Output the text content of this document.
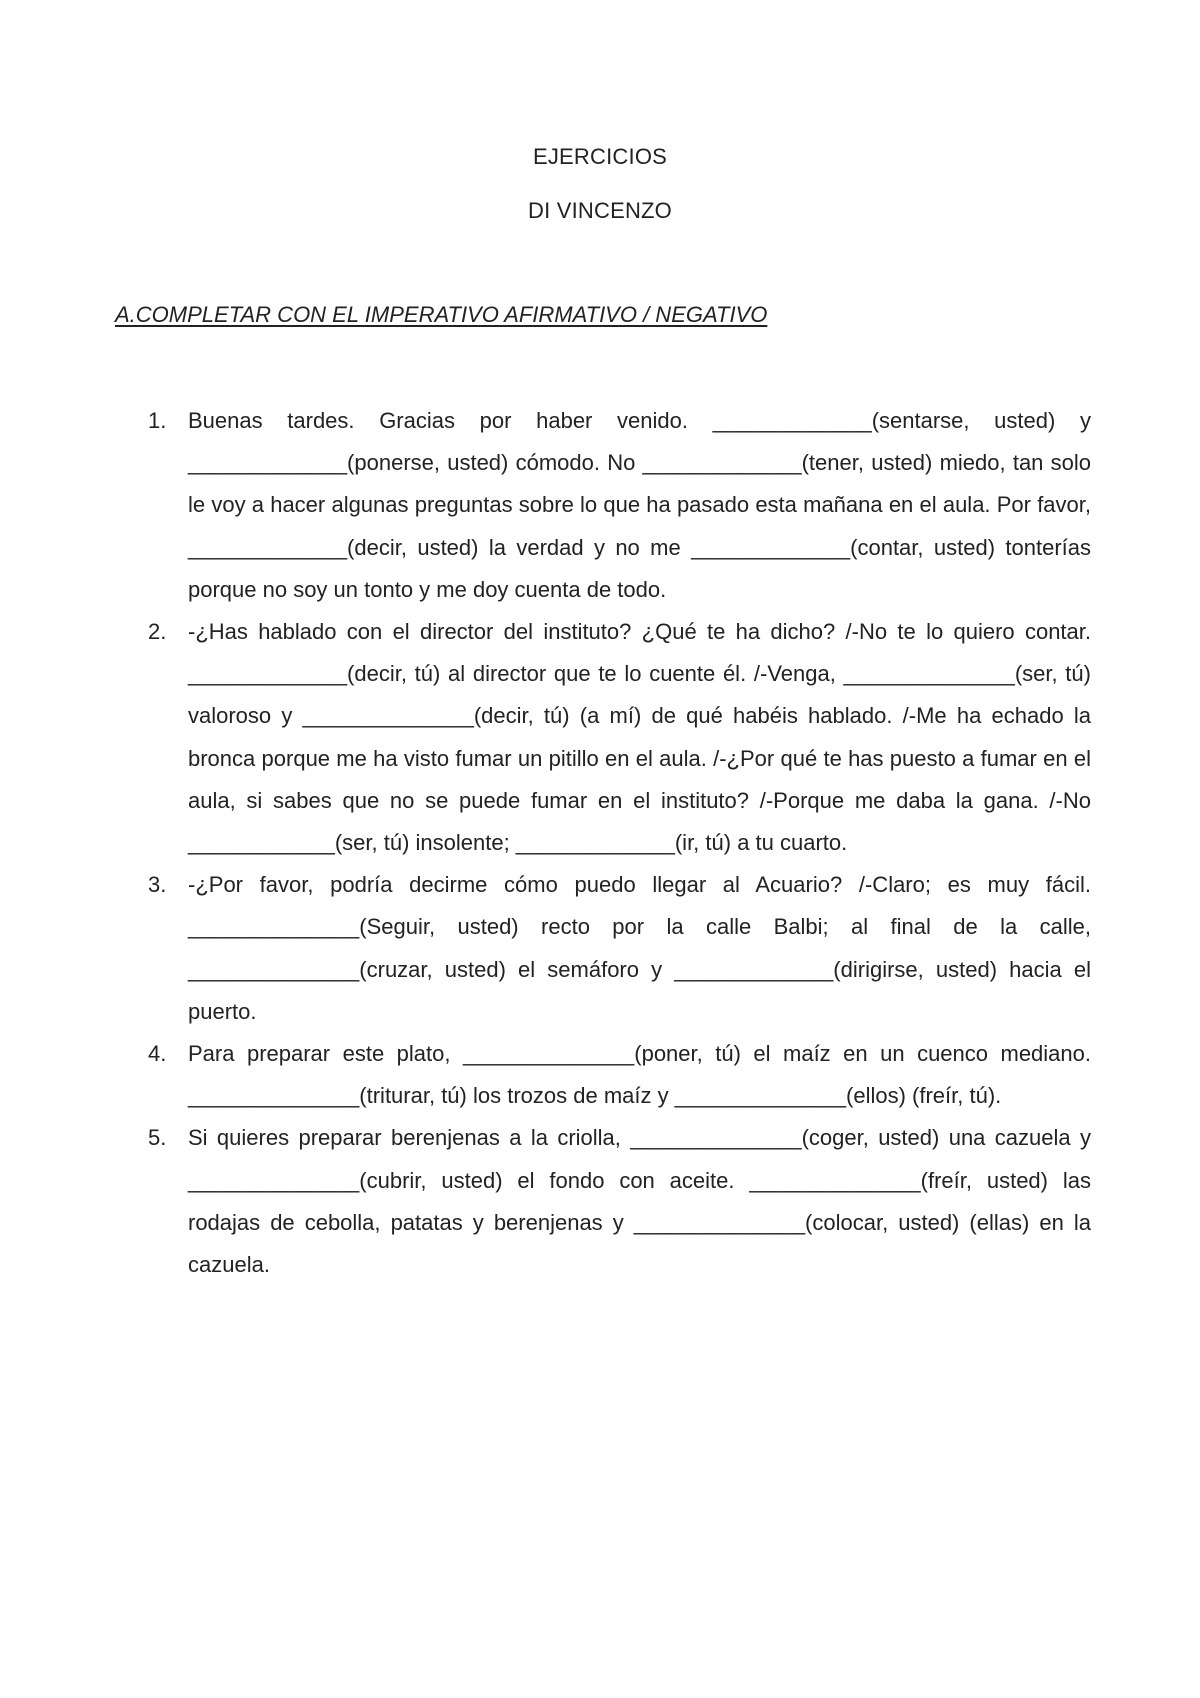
EJERCICIOS
DI VINCENZO
A.COMPLETAR CON EL IMPERATIVO AFIRMATIVO / NEGATIVO
1. Buenas tardes. Gracias por haber venido. _____________(sentarse, usted) y _____________(ponerse, usted) cómodo. No _____________(tener, usted) miedo, tan solo le voy a hacer algunas preguntas sobre lo que ha pasado esta mañana en el aula. Por favor, _____________(decir, usted) la verdad y no me _____________(contar, usted) tonterías porque no soy un tonto y me doy cuenta de todo.
2. -¿Has hablado con el director del instituto? ¿Qué te ha dicho? /-No te lo quiero contar. _____________(decir, tú) al director que te lo cuente él. /-Venga, ______________(ser, tú) valoroso y ______________(decir, tú) (a mí) de qué habéis hablado. /-Me ha echado la bronca porque me ha visto fumar un pitillo en el aula. /-¿Por qué te has puesto a fumar en el aula, si sabes que no se puede fumar en el instituto? /-Porque me daba la gana. /-No ____________(ser, tú) insolente; _____________(ir, tú) a tu cuarto.
3. -¿Por favor, podría decirme cómo puedo llegar al Acuario? /-Claro; es muy fácil. ______________(Seguir, usted) recto por la calle Balbi; al final de la calle, ______________(cruzar, usted) el semáforo y _____________(dirigirse, usted) hacia el puerto.
4. Para preparar este plato, ______________(poner, tú) el maíz en un cuenco mediano. ______________(triturar, tú) los trozos de maíz y ______________(ellos) (freír, tú).
5. Si quieres preparar berenjenas a la criolla, ______________(coger, usted) una cazuela y ______________(cubrir, usted) el fondo con aceite. ______________(freír, usted) las rodajas de cebolla, patatas y berenjenas y ______________(colocar, usted) (ellas) en la cazuela.
